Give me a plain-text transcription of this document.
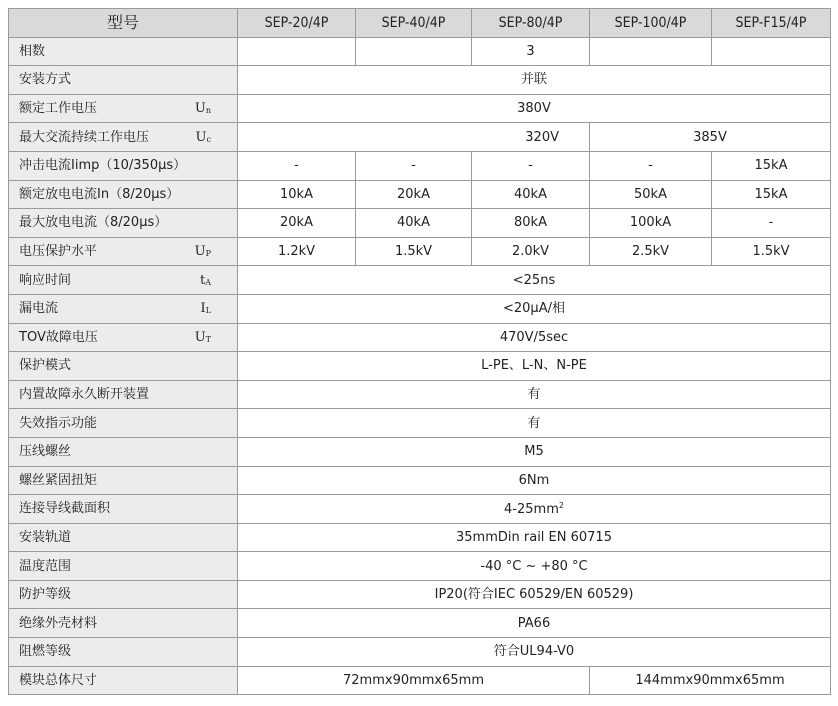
型号	SEP-20/4P	SEP-40/4P	SEP-80/4P	SEP-100/4P	SEP-F15/4P
相数			3		
安装方式	并联				

额定工作电压 $U_n$	380V				

最大交流持续工作电压 $U_c$	320V			385V	
冲击电流Iimp（10/350μs）	-	-	-	-	15kA
额定放电电流In（8/20μs）	10kA	20kA	40kA	50kA	15kA
最大放电电流（8/20μs）	20kA	40kA	80kA	100kA	-

电压保护水平 $U_P$	1.2kV	1.5kV	2.0kV	2.5kV	1.5kV

响应时间 $t_A$	<25ns				

漏电流 $I_L$	<20μA/相				

TOV故障电压 $U_T$	470V/5sec				
保护模式	L-PE、L-N、N-PE				
内置故障永久断开装置	有				
失效指示功能	有				
压线螺丝	M5				
螺丝紧固扭矩	6Nm				
连接导线截面积	$4-25mm^2$
安装轨道	35mmDin rail EN 60715				
温度范围	-40 °C ~ +80 °C				
防护等级	IP20(符合IEC 60529/EN 60529)				
绝缘外壳材料	PA66				
阻燃等级	符合UL94-V0				
模块总体尺寸	72mmx90mmx65mm			144mmx90mmx65mm	
